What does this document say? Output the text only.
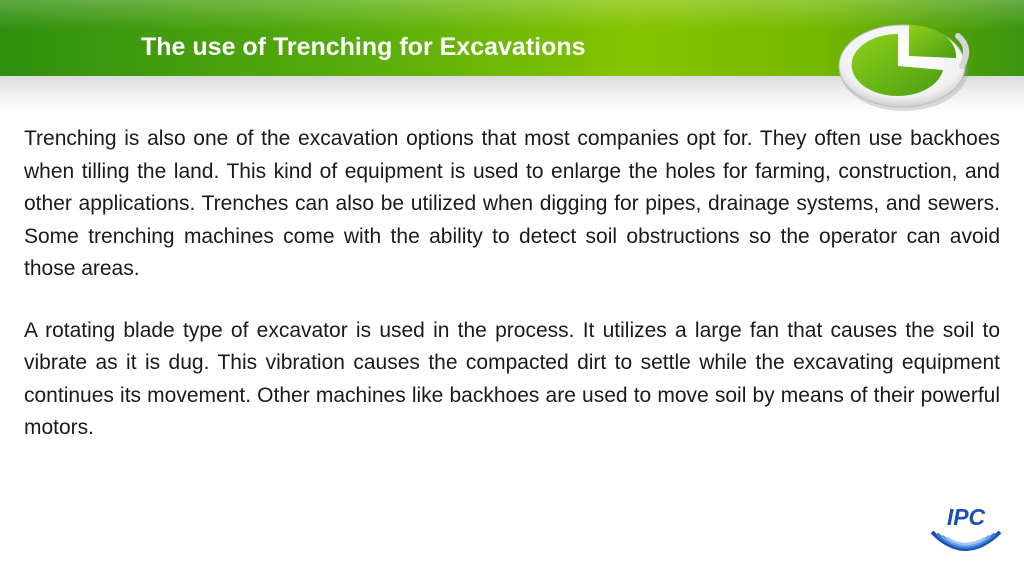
The use of Trenching for Excavations

Trenching is also one of the excavation options that most companies opt for. They often use backhoes when tilling the land. This kind of equipment is used to enlarge the holes for farming, construction, and other applications. Trenches can also be utilized when digging for pipes, drainage systems, and sewers. Some trenching machines come with the ability to detect soil obstructions so the operator can avoid those areas.

A rotating blade type of excavator is used in the process. It utilizes a large fan that causes the soil to vibrate as it is dug. This vibration causes the compacted dirt to settle while the excavating equipment continues its movement. Other machines like backhoes are used to move soil by means of their powerful motors.

IPC
